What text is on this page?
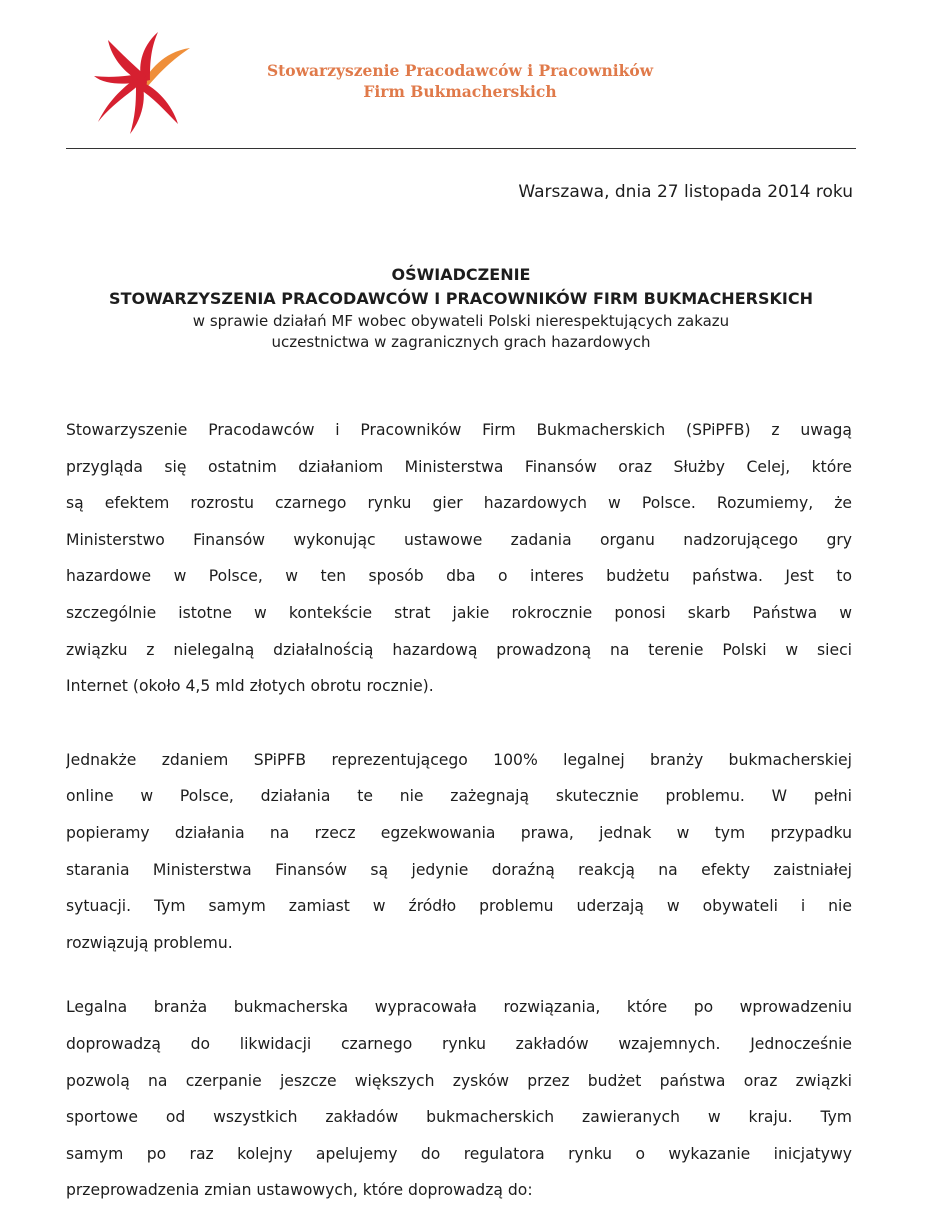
Stowarzyszenie Pracodawców i Pracowników
Firm Bukmacherskich
Warszawa, dnia 27 listopada 2014 roku
OŚWIADCZENIE
STOWARZYSZENIA PRACODAWCÓW I PRACOWNIKÓW FIRM BUKMACHERSKICH
w sprawie działań MF wobec obywateli Polski nierespektujących zakazu
uczestnictwa w zagranicznych grach hazardowych
Stowarzyszenie Pracodawców i Pracowników Firm Bukmacherskich (SPiPFB) z uwagą
przygląda się ostatnim działaniom Ministerstwa Finansów oraz Służby Celej, które
są efektem rozrostu czarnego rynku gier hazardowych w Polsce. Rozumiemy, że
Ministerstwo Finansów wykonując ustawowe zadania organu nadzorującego gry
hazardowe w Polsce, w ten sposób dba o interes budżetu państwa. Jest to
szczególnie istotne w kontekście strat jakie rokrocznie ponosi skarb Państwa w
związku z nielegalną działalnością hazardową prowadzoną na terenie Polski w sieci
Internet (około 4,5 mld złotych obrotu rocznie).
Jednakże zdaniem SPiPFB reprezentującego 100% legalnej branży bukmacherskiej
online w Polsce, działania te nie zażegnają skutecznie problemu. W pełni
popieramy działania na rzecz egzekwowania prawa, jednak w tym przypadku
starania Ministerstwa Finansów są jedynie doraźną reakcją na efekty zaistniałej
sytuacji. Tym samym zamiast w źródło problemu uderzają w obywateli i nie
rozwiązują problemu.
Legalna branża bukmacherska wypracowała rozwiązania, które po wprowadzeniu
doprowadzą do likwidacji czarnego rynku zakładów wzajemnych. Jednocześnie
pozwolą na czerpanie jeszcze większych zysków przez budżet państwa oraz związki
sportowe od wszystkich zakładów bukmacherskich zawieranych w kraju. Tym
samym po raz kolejny apelujemy do regulatora rynku o wykazanie inicjatywy
przeprowadzenia zmian ustawowych, które doprowadzą do:
